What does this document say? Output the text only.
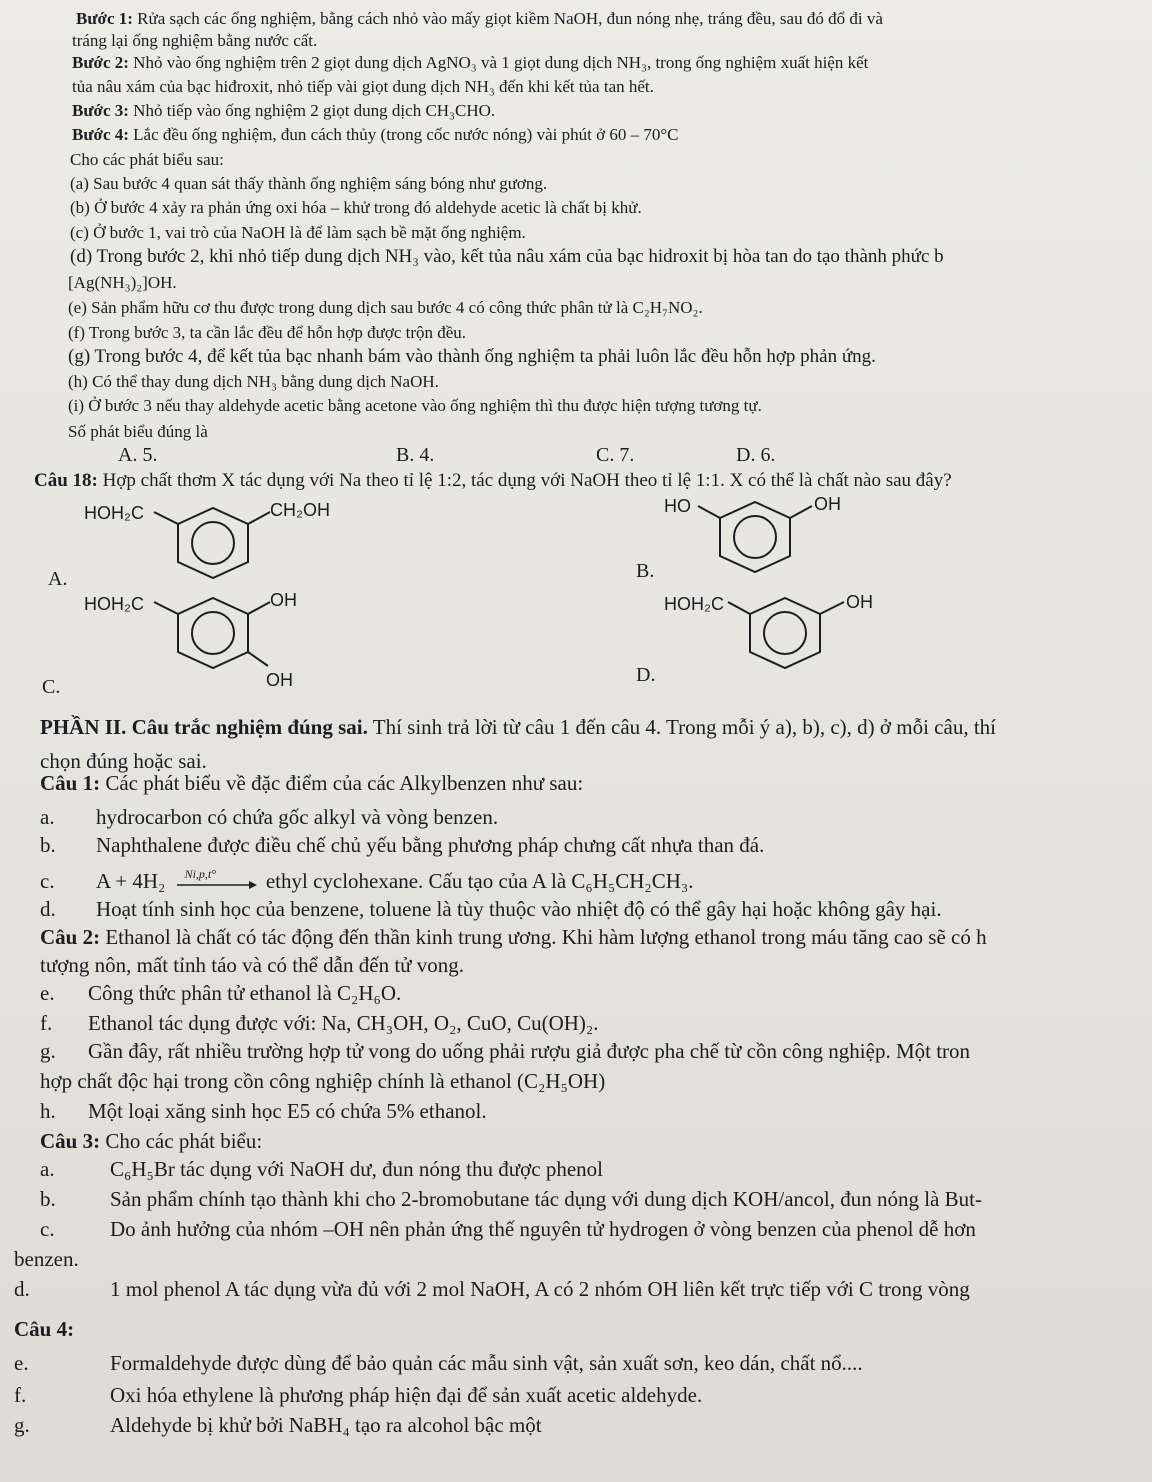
Bước 1: Rửa sạch các ống nghiệm, bằng cách nhỏ vào mấy giọt kiềm NaOH, đun nóng nhẹ, tráng đều, sau đó đổ đi và
tráng lại ống nghiệm bằng nước cất.
Bước 2: Nhỏ vào ống nghiệm trên 2 giọt dung dịch AgNO₃ và 1 giọt dung dịch NH₃, trong ống nghiệm xuất hiện kết
tủa nâu xám của bạc hiđroxit, nhỏ tiếp vài giọt dung dịch NH₃ đến khi kết tủa tan hết.
Bước 3: Nhỏ tiếp vào ống nghiệm 2 giọt dung dịch CH₃CHO.
Bước 4: Lắc đều ống nghiệm, đun cách thủy (trong cốc nước nóng) vài phút ở 60 – 70°C
Cho các phát biểu sau:
(a) Sau bước 4 quan sát thấy thành ống nghiệm sáng bóng như gương.
(b) Ở bước 4 xảy ra phản ứng oxi hóa – khử trong đó aldehyde acetic là chất bị khử.
(c) Ở bước 1, vai trò của NaOH là để làm sạch bề mặt ống nghiệm.
(d) Trong bước 2, khi nhỏ tiếp dung dịch NH₃ vào, kết tủa nâu xám của bạc hidroxit bị hòa tan do tạo thành phức b
[Ag(NH₃)₂]OH.
(e) Sản phẩm hữu cơ thu được trong dung dịch sau bước 4 có công thức phân tử là C₂H₇NO₂.
(f) Trong bước 3, ta cần lắc đều để hỗn hợp được trộn đều.
(g) Trong bước 4, để kết tủa bạc nhanh bám vào thành ống nghiệm ta phải luôn lắc đều hỗn hợp phản ứng.
(h) Có thể thay dung dịch NH₃ bằng dung dịch NaOH.
(i) Ở bước 3 nếu thay aldehyde acetic bằng acetone vào ống nghiệm thì thu được hiện tượng tương tự.
Số phát biểu đúng là
A. 5.	B. 4.	C. 7.	D. 6.
Câu 18: Hợp chất thơm X tác dụng với Na theo tỉ lệ 1:2, tác dụng với NaOH theo tỉ lệ 1:1. X có thể là chất nào sau đây?
HOH₂C	CH₂OH
A.
HO	OH
B.
HOH₂C	OH
OH
C.
HOH₂C	OH
D.
PHẦN II. Câu trắc nghiệm đúng sai. Thí sinh trả lời từ câu 1 đến câu 4. Trong mỗi ý a), b), c), d) ở mỗi câu, thí
chọn đúng hoặc sai.
Câu 1: Các phát biểu về đặc điểm của các Alkylbenzen như sau:
a. hydrocarbon có chứa gốc alkyl và vòng benzen.
b. Naphthalene được điều chế chủ yếu bằng phương pháp chưng cất nhựa than đá.
c. A + 4H₂ Ni,p,t° ethyl cyclohexane. Cấu tạo của A là C₆H₅CH₂CH₃.
d. Hoạt tính sinh học của benzene, toluene là tùy thuộc vào nhiệt độ có thể gây hại hoặc không gây hại.
Câu 2: Ethanol là chất có tác động đến thần kinh trung ương. Khi hàm lượng ethanol trong máu tăng cao sẽ có h
tượng nôn, mất tỉnh táo và có thể dẫn đến tử vong.
e. Công thức phân tử ethanol là C₂H₆O.
f. Ethanol tác dụng được với: Na, CH₃OH, O₂, CuO, Cu(OH)₂.
g. Gần đây, rất nhiều trường hợp tử vong do uống phải rượu giả được pha chế từ cồn công nghiệp. Một tron
hợp chất độc hại trong cồn công nghiệp chính là ethanol (C₂H₅OH)
h. Một loại xăng sinh học E5 có chứa 5% ethanol.
Câu 3: Cho các phát biểu:
a.	C₆H₅Br tác dụng với NaOH dư, đun nóng thu được phenol
b.	Sản phẩm chính tạo thành khi cho 2-bromobutane tác dụng với dung dịch KOH/ancol, đun nóng là But-
c.	Do ảnh hưởng của nhóm –OH nên phản ứng thế nguyên tử hydrogen ở vòng benzen của phenol dễ hơn
benzen.
d.	1 mol phenol A tác dụng vừa đủ với 2 mol NaOH, A có 2 nhóm OH liên kết trực tiếp với C trong vòng
Câu 4:
e.	Formaldehyde được dùng để bảo quản các mẫu sinh vật, sản xuất sơn, keo dán, chất nổ....
f.	Oxi hóa ethylene là phương pháp hiện đại để sản xuất acetic aldehyde.
g.	Aldehyde bị khử bởi NaBH₄ tạo ra alcohol bậc một
